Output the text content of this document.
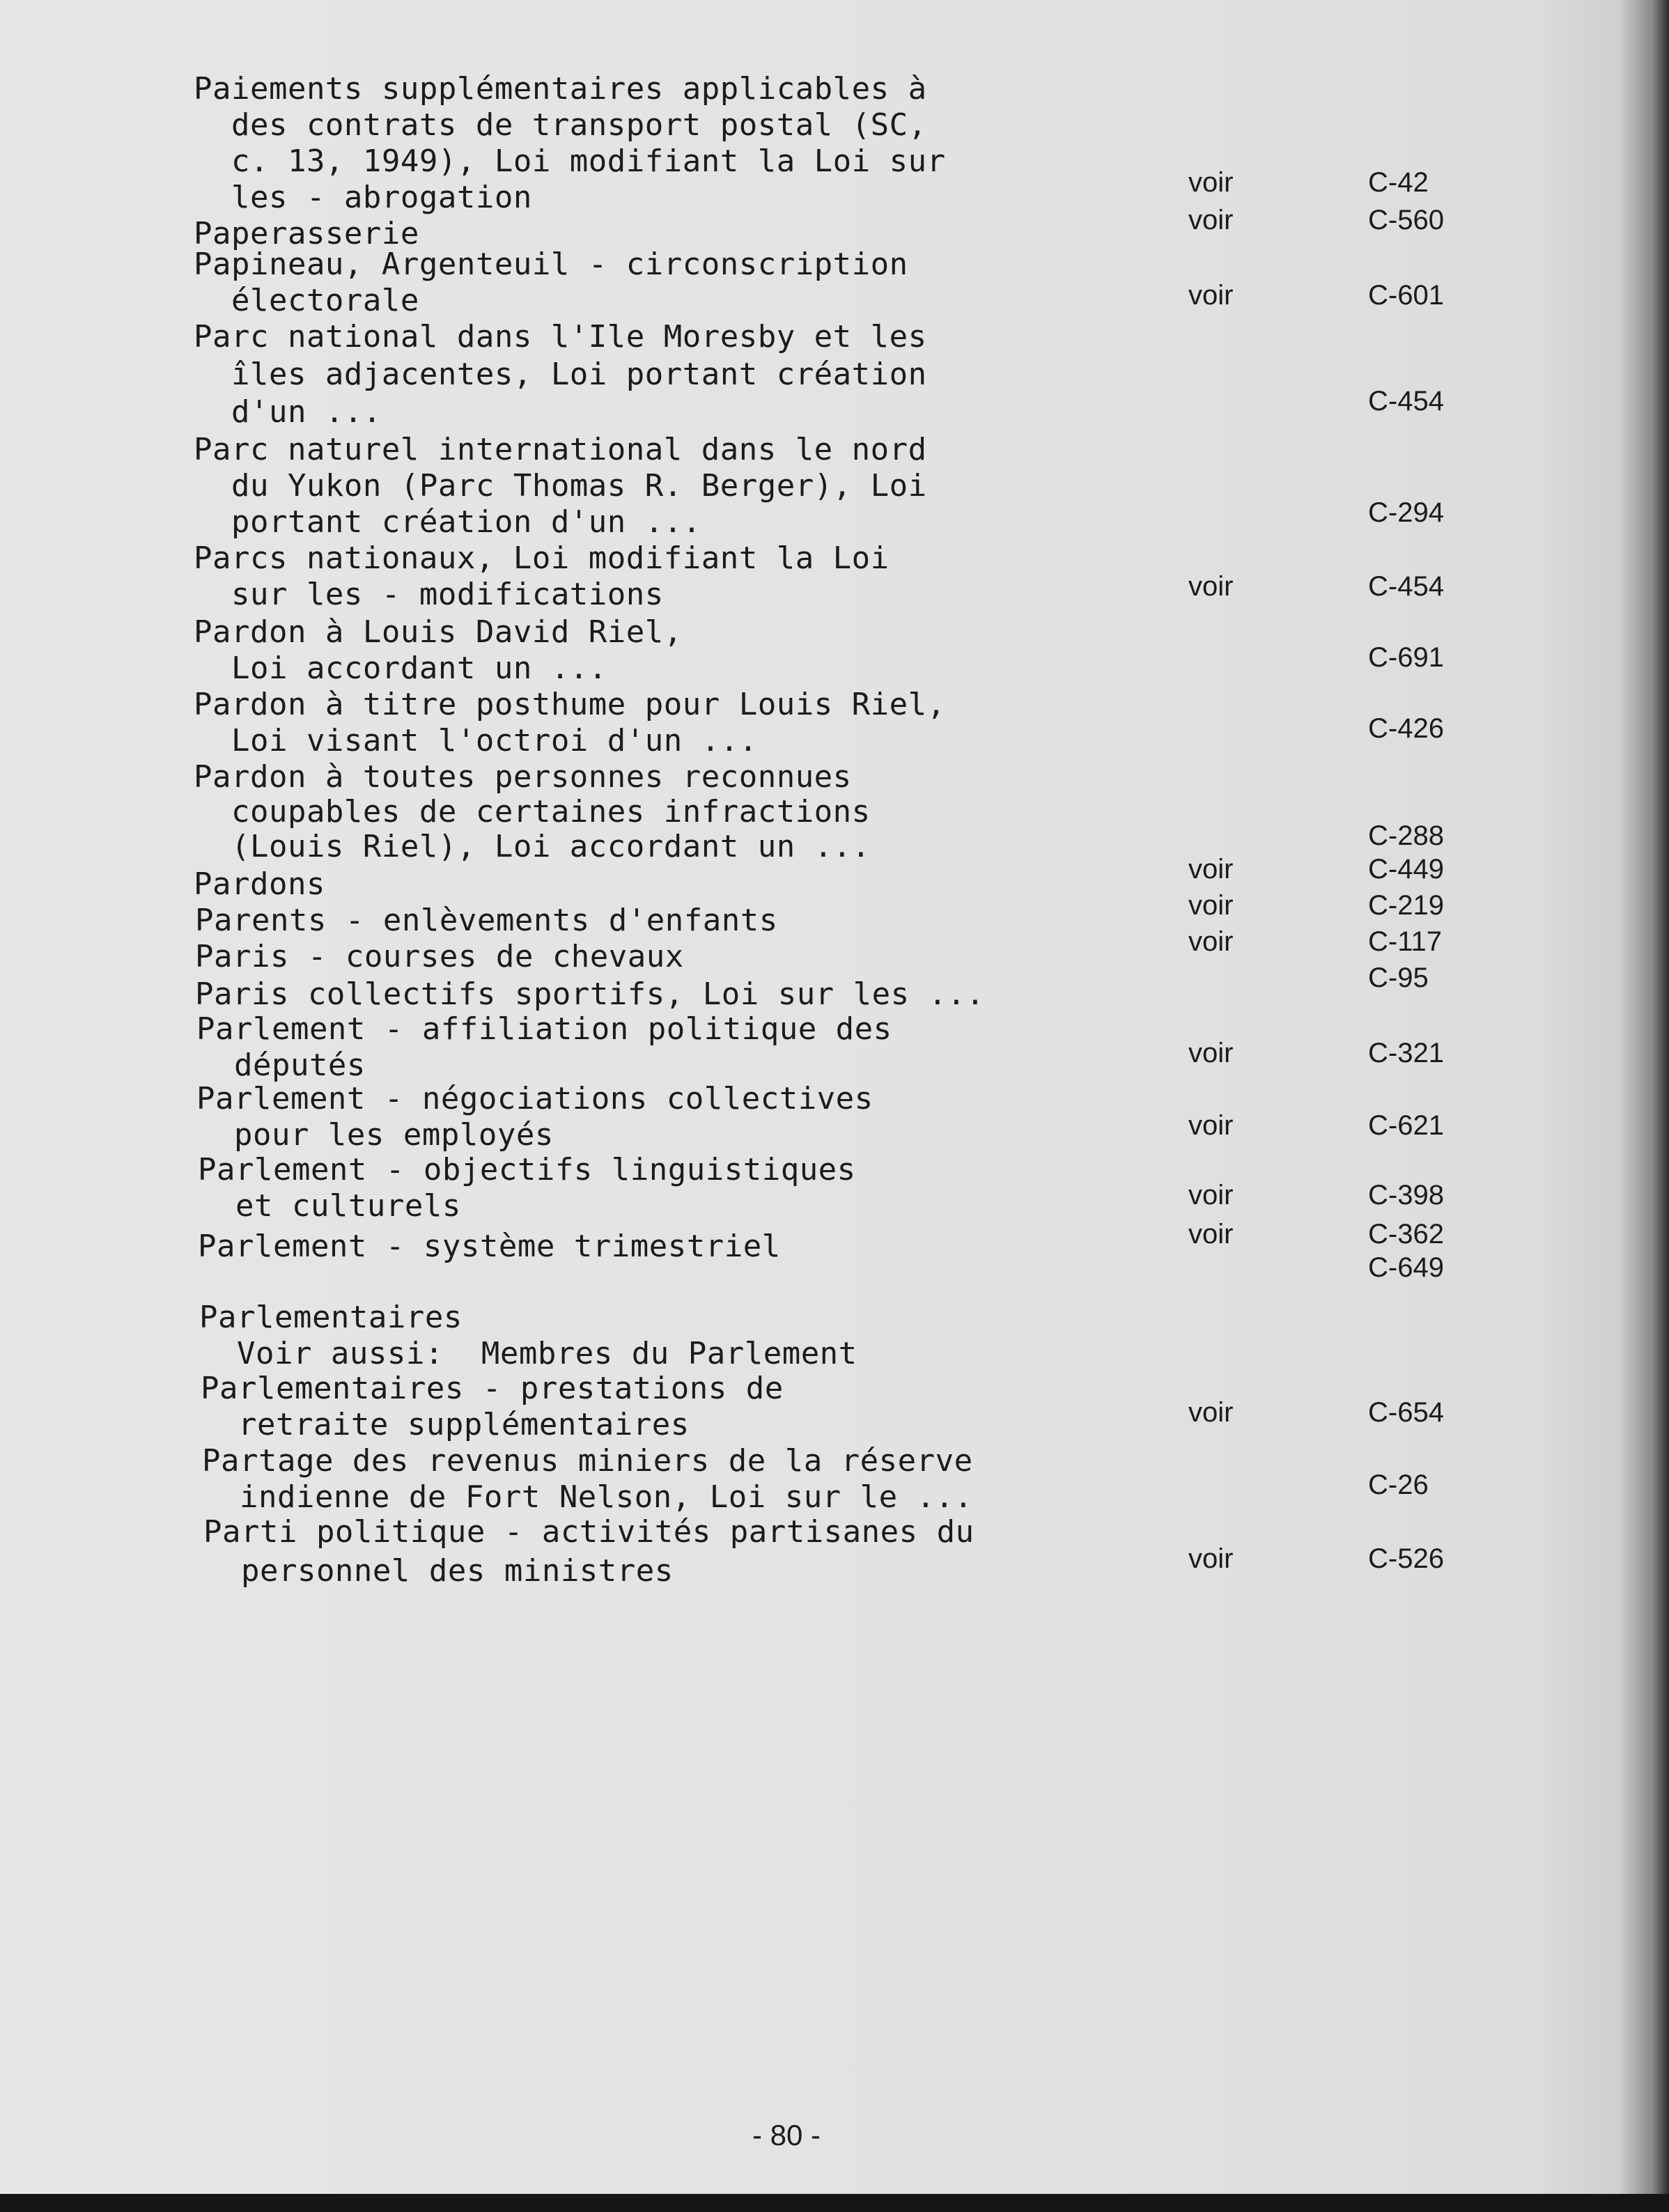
Paiements supplémentaires applicables à
des contrats de transport postal (SC,
c. 13, 1949), Loi modifiant la Loi sur
les - abrogation	voir	C-42
Paperasserie	voir	C-560
Papineau, Argenteuil - circonscription
électorale	voir	C-601
Parc national dans l'Ile Moresby et les
îles adjacentes, Loi portant création
d'un ...	C-454
Parc naturel international dans le nord
du Yukon (Parc Thomas R. Berger), Loi
portant création d'un ...	C-294
Parcs nationaux, Loi modifiant la Loi
sur les - modifications	voir	C-454
Pardon à Louis David Riel,
Loi accordant un ...	C-691
Pardon à titre posthume pour Louis Riel,
Loi visant l'octroi d'un ...	C-426
Pardon à toutes personnes reconnues
coupables de certaines infractions
(Louis Riel), Loi accordant un ...	C-288
Pardons	voir	C-449
Parents - enlèvements d'enfants	voir	C-219
Paris - courses de chevaux	voir	C-117
Paris collectifs sportifs, Loi sur les ...	C-95
Parlement - affiliation politique des
députés	voir	C-321
Parlement - négociations collectives
pour les employés	voir	C-621
Parlement - objectifs linguistiques
et culturels	voir	C-398
Parlement - système trimestriel	voir	C-362
C-649
Parlementaires
Voir aussi:  Membres du Parlement
Parlementaires - prestations de
retraite supplémentaires	voir	C-654
Partage des revenus miniers de la réserve
indienne de Fort Nelson, Loi sur le ...	C-26
Parti politique - activités partisanes du
personnel des ministres	voir	C-526
- 80 -
